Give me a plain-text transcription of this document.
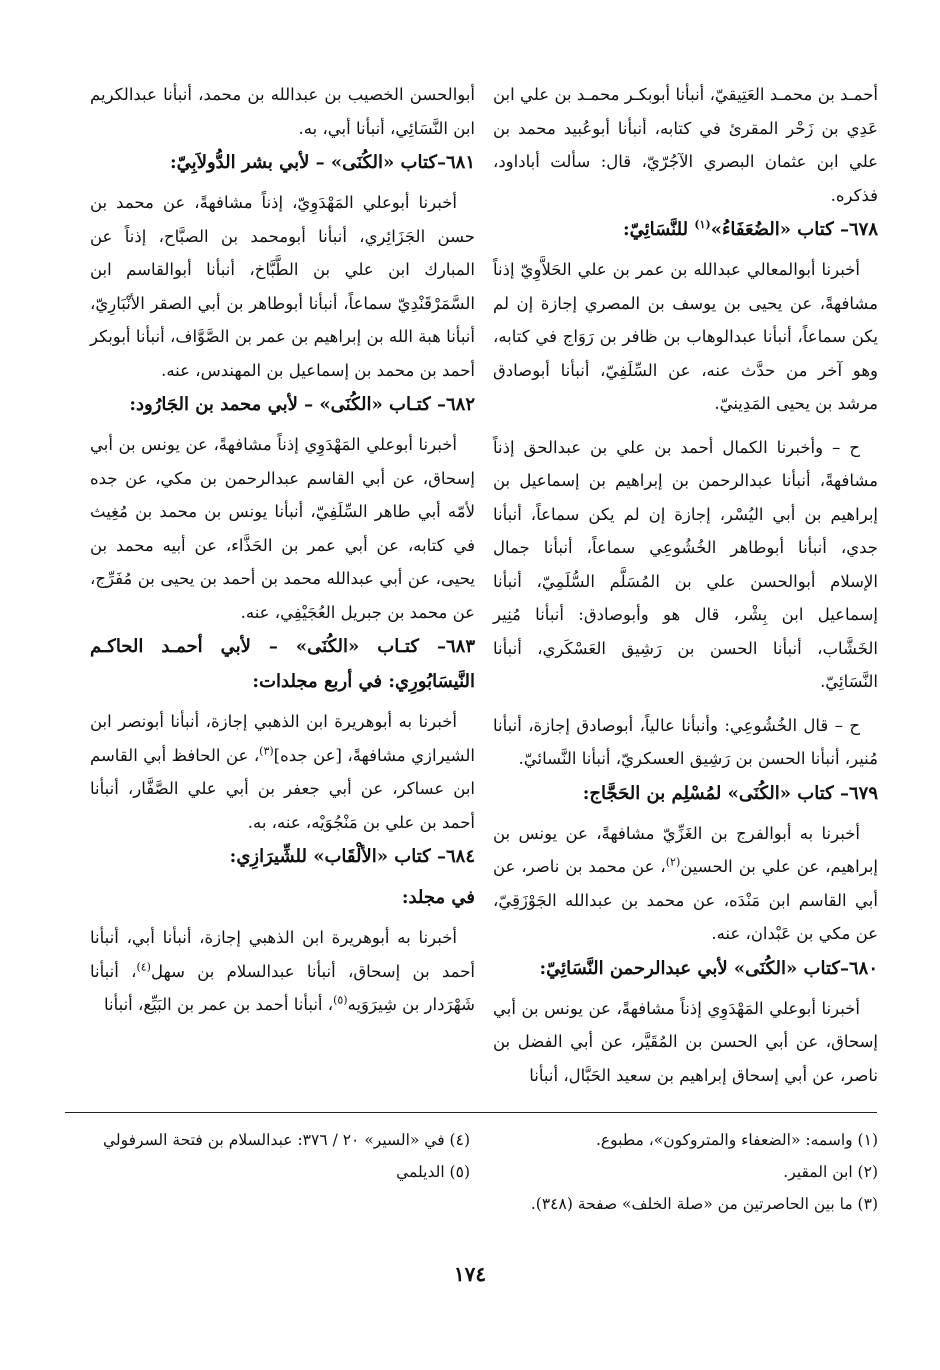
أحمـد بن محمـد العَتِيقيّ، أنبأنا أبوبكـر محمـد بن علي ابن عَدِي بن زَحْر المقرئ في كتابه، أنبأنا أبوعُبيد محمد بن علي ابن عثمان البصري الآجُرّيّ، قال: سألت أباداود، فذكره.

٦٧٨– كتاب «الضُعَفَاءُ»$^{(١)}$ للنَّسَائِيّ:

أخبرنا أبوالمعالي عبدالله بن عمر بن علي الحَلاَّوِيّ إذناً مشافهةً، عن يحيى بن يوسف بن المصري إجازة إن لم يكن سماعاً، أنبأنا عبدالوهاب بن ظافر بن رَوَاج في كتابه، وهو آخر من حدَّث عنه، عن السِّلَفِيّ، أنبأنا أبوصادق مرشد بن يحيى المَدِينيّ.

ح – وأخبرنا الكمال أحمد بن علي بن عبدالحق إذناً مشافهةً، أنبأنا عبدالرحمن بن إبراهيم بن إسماعيل بن إبراهيم بن أبي اليُسْر، إجازة إن لم يكن سماعاً، أنبأنا جدي، أنبأنا أبوطاهر الخُشُوعِي سماعاً، أنبأنا جمال الإسلام أبوالحسن علي بن المُسَلَّم السُّلَمِيّ، أنبأنا إسماعيل ابن بِشْر، قال هو وأبوصادق: أنبأنا مُنِير الخَشَّاب، أنبأنا الحسن بن رَشِيق العَسْكَري، أنبأنا النَّسَائِيّ.

ح – قال الخُشُوعِي: وأنبأنا عالياً، أبوصادق إجازة، أنبأنا مُنير، أنبأنا الحسن بن رَشِيق العسكريّ، أنبأنا النَّسائيّ.

٦٧٩– كتاب «الكُنَى» لمُسْلِم بن الحَجَّاج:

أخبرنا به أبوالفرج بن الغَزِّيّ مشافهةً، عن يونس بن إبراهيم، عن علي بن الحسين$^{(٢)}$، عن محمد بن ناصر، عن أبي القاسم ابن مَنْدَه، عن محمد بن عبدالله الجَوْزَقِيّ، عن مكي بن عَبْدان، عنه.

٦٨٠–كتاب «الكُنَى» لأبي عبدالرحمن النَّسَائِيّ:

أخبرنا أبوعلي المَهْدَوِي إذناً مشافهةً، عن يونس بن أبي إسحاق، عن أبي الحسن بن المُقَيَّر، عن أبي الفضل بن ناصر، عن أبي إسحاق إبراهيم بن سعيد الحَبَّال، أنبأنا

أبوالحسن الخصيب بن عبدالله بن محمد، أنبأنا عبدالكريم ابن النَّسَائِي، أنبأنا أبي، به.

٦٨١–كتاب «الكُنَى» – لأبي بشر الدُّولاَبِيّ:

أخبرنا أبوعلي المَهْدَوِيّ، إذناً مشافهةً، عن محمد بن حسن الجَزَائِري، أنبأنا أبومحمد بن الصبَّاح، إذناً عن المبارك ابن علي بن الطَّبَّاخ، أنبأنا أبوالقاسم ابن السَّمَرْقَنْدِيّ سماعاً، أنبأنا أبوطاهر بن أبي الصقر الأنْبَارِيّ، أنبأنا هبة الله بن إبراهيم بن عمر بن الصَّوَّاف، أنبأنا أبوبكر أحمد بن محمد بن إسماعيل بن المهندس، عنه.

٦٨٢– كتـاب «الكُنَى» – لأبي محمد بن الجَارُود:

أخبرنا أبوعلي المَهْدَوِي إذناً مشافهةً، عن يونس بن أبي إسحاق، عن أبي القاسم عبدالرحمن بن مكي، عن جده لأمّه أبي طاهر السِّلَفِيّ، أنبأنا يونس بن محمد بن مُغِيث في كتابه، عن أبي عمر بن الحَذَّاء، عن أبيه محمد بن يحيى، عن أبي عبدالله محمد بن أحمد بن يحيى بن مُفَرِّج، عن محمد بن جبريل العُجَيْفِي، عنه.

٦٨٣– كتـاب «الكُنَى» – لأبي أحمـد الحاكـم النَّيسَابُورِي: في أربع مجلدات:

أخبرنا به أبوهريرة ابن الذهبي إجازة، أنبأنا أبونصر ابن الشيرازي مشافهةً، [عن جده]$^{(٣)}$، عن الحافظ أبي القاسم ابن عساكر، عن أبي جعفر بن أبي علي الصَّفَّار، أنبأنا أحمد بن علي بن مَنْجُوَيْه، عنه، به.

٦٨٤– كتاب «الألْقَاب» للشِّيرَازِي:

في مجلد:

أخبرنا به أبوهريرة ابن الذهبي إجازة، أنبأنا أبي، أنبأنا أحمد بن إسحاق، أنبأنا عبدالسلام بن سهل$^{(٤)}$، أنبأنا شَهْرَدار بن شِيرَوَيه$^{(٥)}$، أنبأنا أحمد بن عمر بن البَيِّع، أنبأنا

(١) واسمه: «الضعفاء والمتروكون»، مطبوع.

(٢) ابن المقير.

(٣) ما بين الحاصرتين من «صلة الخلف» صفحة (٣٤٨).

(٤) في «السير» ٢٠ / ٣٧٦: عبدالسلام بن فتحة السرفولي

(٥) الديلمي

١٧٤
